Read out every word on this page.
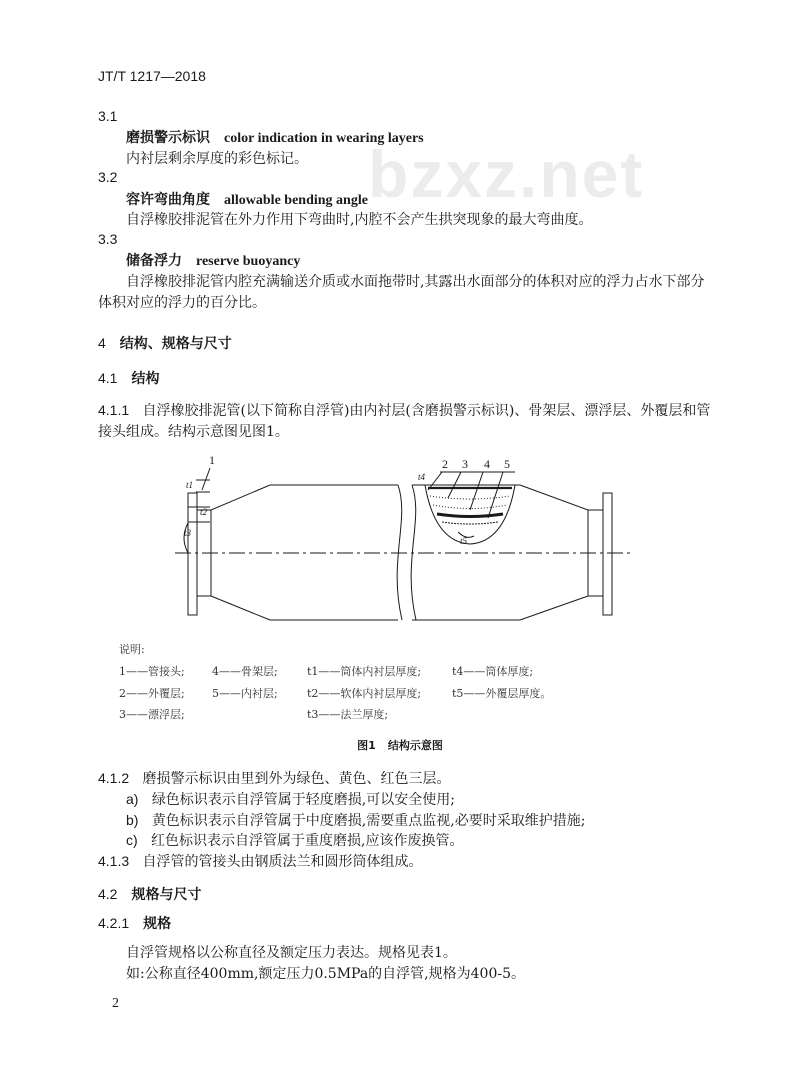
bzxz.net
JT/T 1217—2018
3.1
磨损警示标识 color indication in wearing layers
内衬层剩余厚度的彩色标记。
3.2
容许弯曲角度 allowable bending angle
自浮橡胶排泥管在外力作用下弯曲时,内腔不会产生拱突现象的最大弯曲度。
3.3
储备浮力 reserve buoyancy
自浮橡胶排泥管内腔充满输送介质或水面拖带时,其露出水面部分的体积对应的浮力占水下部分
体积对应的浮力的百分比。
4 结构、规格与尺寸
4.1 结构
4.1.1 自浮橡胶排泥管(以下简称自浮管)由内衬层(含磨损警示标识)、骨架层、漂浮层、外覆层和管
接头组成。结构示意图见图1。
1	2 3 4 5
t1
t2
t3
t4
t5
说明:
1——管接头; 4——骨架层;	t1——筒体内衬层厚度;	t4——筒体厚度;
2——外覆层; 5——内衬层;	t2——软体内衬层厚度;	t5——外覆层厚度。
3——漂浮层;	t3——法兰厚度;
图1 结构示意图
4.1.2 磨损警示标识由里到外为绿色、黄色、红色三层。
a) 绿色标识表示自浮管属于轻度磨损,可以安全使用;
b) 黄色标识表示自浮管属于中度磨损,需要重点监视,必要时采取维护措施;
c) 红色标识表示自浮管属于重度磨损,应该作废换管。
4.1.3 自浮管的管接头由钢质法兰和圆形筒体组成。
4.2 规格与尺寸
4.2.1 规格
自浮管规格以公称直径及额定压力表达。规格见表1。
如:公称直径400mm,额定压力0.5MPa的自浮管,规格为400-5。
2
